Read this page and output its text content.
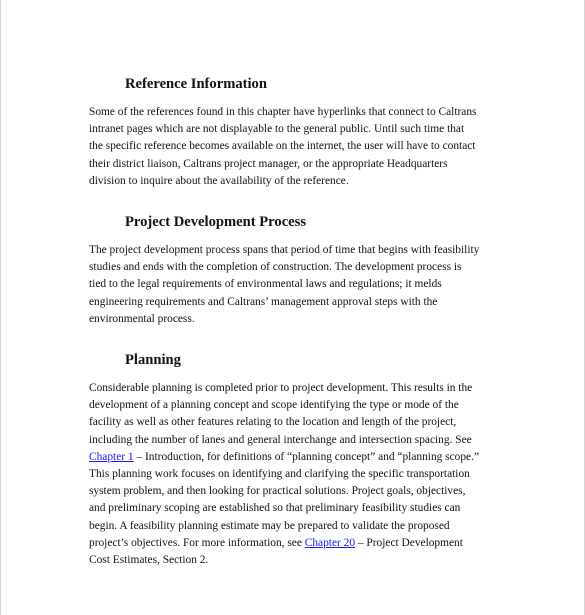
Reference Information

Some of the references found in this chapter have hyperlinks that connect to Caltrans
intranet pages which are not displayable to the general public. Until such time that
the specific reference becomes available on the internet, the user will have to contact
their district liaison, Caltrans project manager, or the appropriate Headquarters
division to inquire about the availability of the reference.

Project Development Process

The project development process spans that period of time that begins with feasibility
studies and ends with the completion of construction. The development process is
tied to the legal requirements of environmental laws and regulations; it melds
engineering requirements and Caltrans’ management approval steps with the
environmental process.

Planning

Considerable planning is completed prior to project development. This results in the
development of a planning concept and scope identifying the type or mode of the
facility as well as other features relating to the location and length of the project,
including the number of lanes and general interchange and intersection spacing. See
Chapter 1 – Introduction, for definitions of “planning concept” and “planning scope.”
This planning work focuses on identifying and clarifying the specific transportation
system problem, and then looking for practical solutions. Project goals, objectives,
and preliminary scoping are established so that preliminary feasibility studies can
begin. A feasibility planning estimate may be prepared to validate the proposed
project’s objectives. For more information, see Chapter 20 – Project Development
Cost Estimates, Section 2.
